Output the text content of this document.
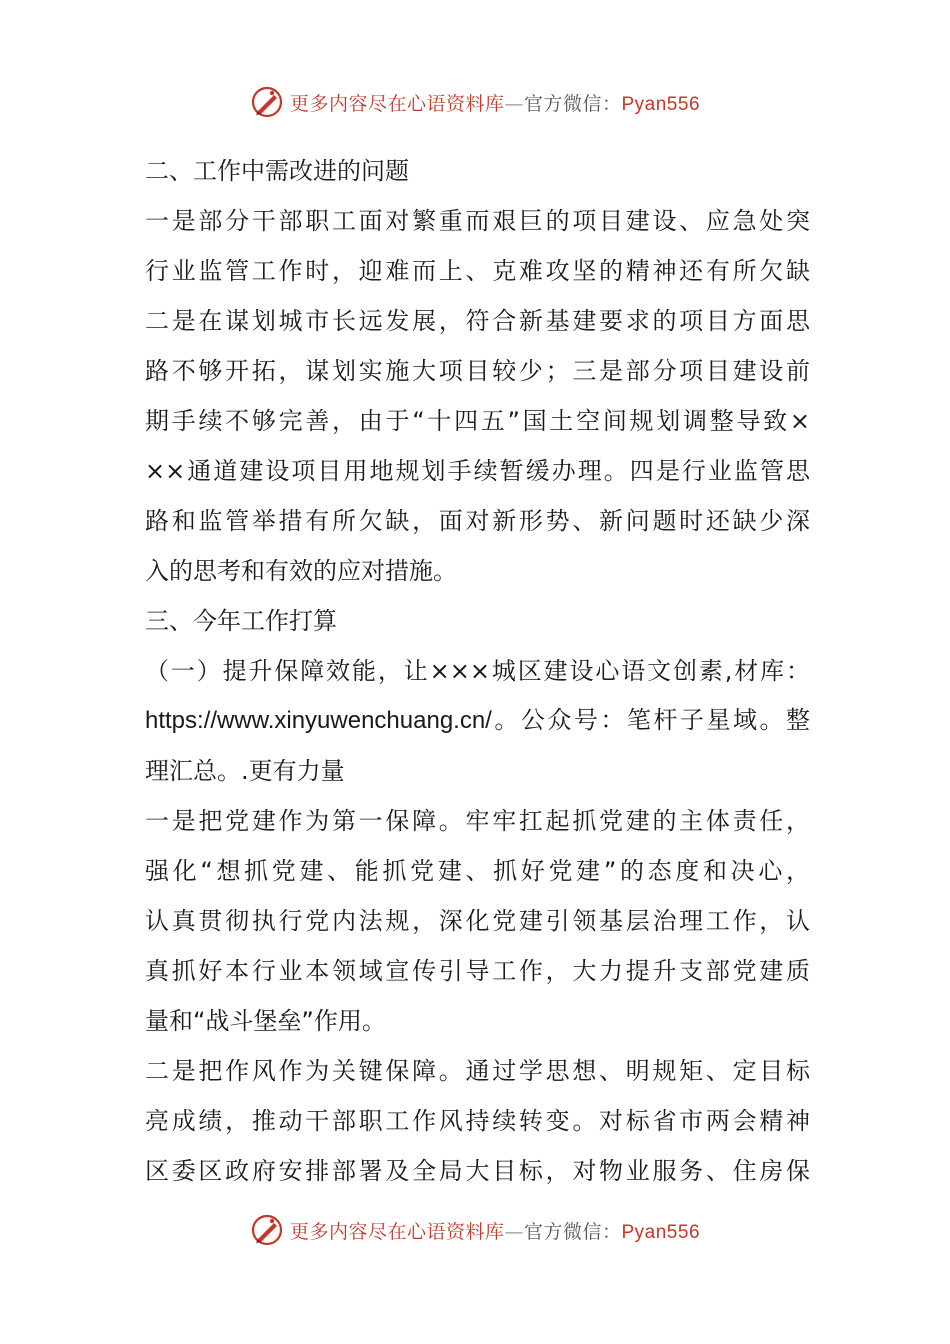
更多内容尽在心语资料库—官方微信：Pyan556
二、工作中需改进的问题
一是部分干部职工面对繁重而艰巨的项目建设、应急处突
行业监管工作时，迎难而上、克难攻坚的精神还有所欠缺
二是在谋划城市长远发展，符合新基建要求的项目方面思
路不够开拓，谋划实施大项目较少；三是部分项目建设前
期手续不够完善，由于“十四五”国土空间规划调整导致×
××通道建设项目用地规划手续暂缓办理。四是行业监管思
路和监管举措有所欠缺，面对新形势、新问题时还缺少深
入的思考和有效的应对措施。
三、今年工作打算
（一）提升保障效能，让×××城区建设心语文创素,材库：
https://www.xinyuwenchuang.cn/。公众号：笔杆子星域。整
理汇总。.更有力量
一是把党建作为第一保障。牢牢扛起抓党建的主体责任，
强化“想抓党建、能抓党建、抓好党建”的态度和决心，
认真贯彻执行党内法规，深化党建引领基层治理工作，认
真抓好本行业本领域宣传引导工作，大力提升支部党建质
量和“战斗堡垒”作用。
二是把作风作为关键保障。通过学思想、明规矩、定目标
亮成绩，推动干部职工作风持续转变。对标省市两会精神
区委区政府安排部署及全局大目标，对物业服务、住房保
更多内容尽在心语资料库—官方微信：Pyan556
